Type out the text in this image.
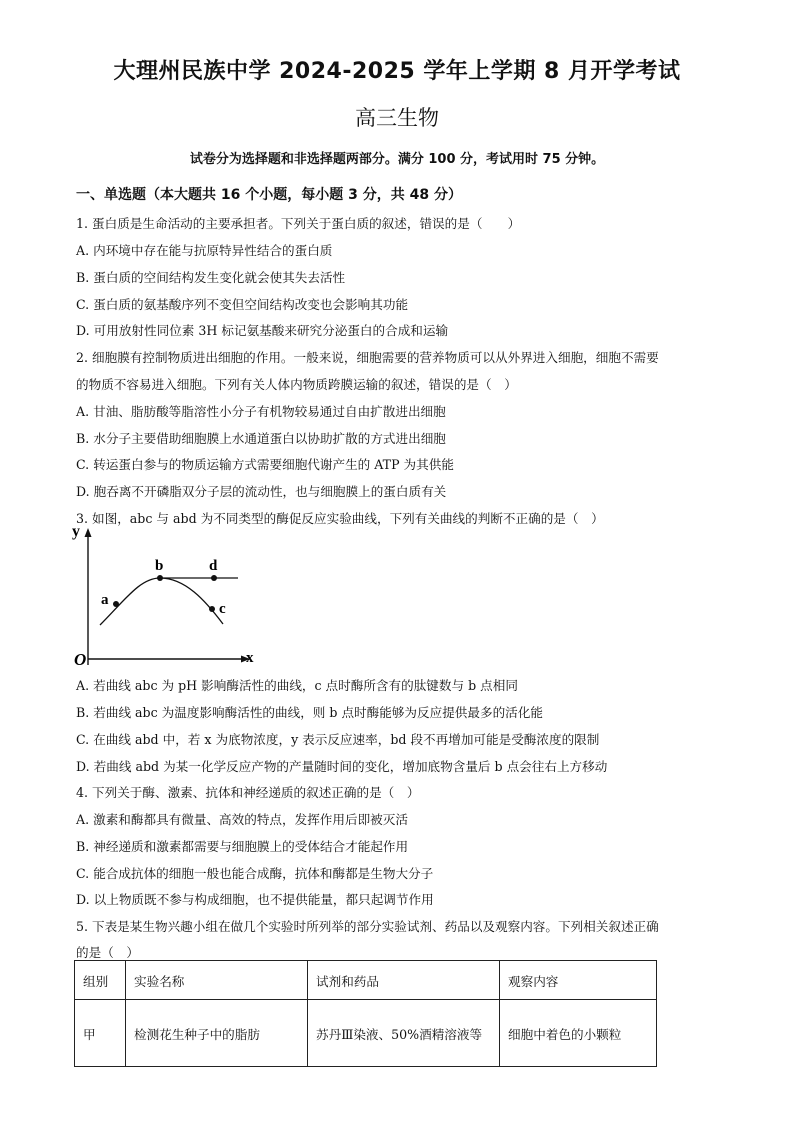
大理州民族中学 2024-2025 学年上学期 8 月开学考试
高三生物
试卷分为选择题和非选择题两部分。满分 100 分，考试用时 75 分钟。
一、单选题（本大题共 16 个小题，每小题 3 分，共 48 分）
1. 蛋白质是生命活动的主要承担者。下列关于蛋白质的叙述，错误的是（　　）
A. 内环境中存在能与抗原特异性结合的蛋白质
B. 蛋白质的空间结构发生变化就会使其失去活性
C. 蛋白质的氨基酸序列不变但空间结构改变也会影响其功能
D. 可用放射性同位素 3H 标记氨基酸来研究分泌蛋白的合成和运输
2. 细胞膜有控制物质进出细胞的作用。一般来说，细胞需要的营养物质可以从外界进入细胞，细胞不需要
的物质不容易进入细胞。下列有关人体内物质跨膜运输的叙述，错误的是（　）
A. 甘油、脂肪酸等脂溶性小分子有机物较易通过自由扩散进出细胞
B. 水分子主要借助细胞膜上水通道蛋白以协助扩散的方式进出细胞
C. 转运蛋白参与的物质运输方式需要细胞代谢产生的 ATP 为其供能
D. 胞吞离不开磷脂双分子层的流动性，也与细胞膜上的蛋白质有关
3. 如图，abc 与 abd 为不同类型的酶促反应实验曲线，下列有关曲线的判断不正确的是（　）
y
x
O
a
b	d
c
A. 若曲线 abc 为 pH 影响酶活性的曲线，c 点时酶所含有的肽键数与 b 点相同
B. 若曲线 abc 为温度影响酶活性的曲线，则 b 点时酶能够为反应提供最多的活化能
C. 在曲线 abd 中，若 x 为底物浓度，y 表示反应速率，bd 段不再增加可能是受酶浓度的限制
D. 若曲线 abd 为某一化学反应产物的产量随时间的变化，增加底物含量后 b 点会往右上方移动
4. 下列关于酶、激素、抗体和神经递质的叙述正确的是（　）
A. 激素和酶都具有微量、高效的特点，发挥作用后即被灭活
B. 神经递质和激素都需要与细胞膜上的受体结合才能起作用
C. 能合成抗体的细胞一般也能合成酶，抗体和酶都是生物大分子
D. 以上物质既不参与构成细胞，也不提供能量，都只起调节作用
5. 下表是某生物兴趣小组在做几个实验时所列举的部分实验试剂、药品以及观察内容。下列相关叙述正确
的是（　）
组别	实验名称	试剂和药品	观察内容
甲	检测花生种子中的脂肪	苏丹Ⅲ染液、50%酒精溶液等	细胞中着色的小颗粒
